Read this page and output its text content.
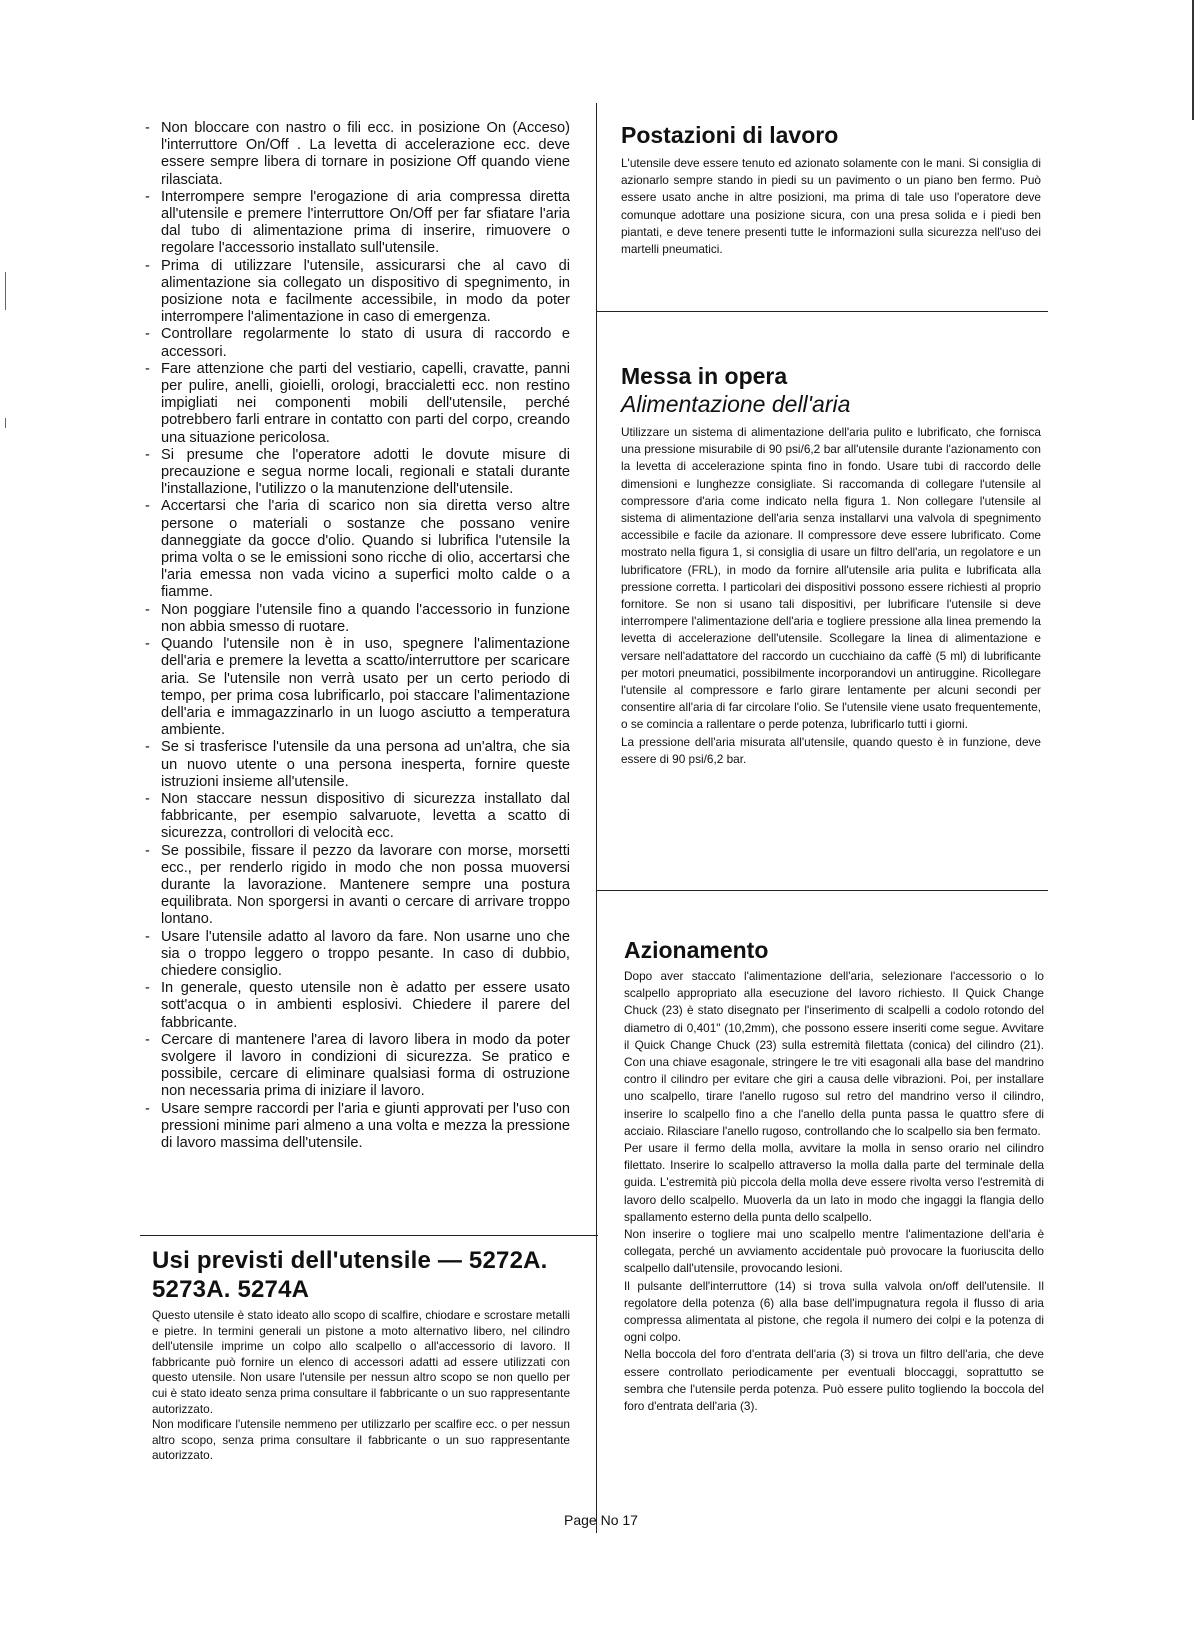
- Non bloccare con nastro o fili ecc. in posizione On (Acceso) l'interruttore On/Off . La levetta di accelerazione ecc. deve essere sempre libera di tornare in posizione Off quando viene rilasciata.
- Interrompere sempre l'erogazione di aria compressa diretta all'utensile e premere l'interruttore On/Off per far sfiatare l'aria dal tubo di alimentazione prima di inserire, rimuovere o regolare l'accessorio installato sull'utensile.
- Prima di utilizzare l'utensile, assicurarsi che al cavo di alimentazione sia collegato un dispositivo di spegnimento, in posizione nota e facilmente accessibile, in modo da poter interrompere l'alimentazione in caso di emergenza.
- Controllare regolarmente lo stato di usura di raccordo e accessori.
- Fare attenzione che parti del vestiario, capelli, cravatte, panni per pulire, anelli, gioielli, orologi, braccialetti ecc. non restino impigliati nei componenti mobili dell'utensile, perché potrebbero farli entrare in contatto con parti del corpo, creando una situazione pericolosa.
- Si presume che l'operatore adotti le dovute misure di precauzione e segua norme locali, regionali e statali durante l'installazione, l'utilizzo o la manutenzione dell'utensile.
- Accertarsi che l'aria di scarico non sia diretta verso altre persone o materiali o sostanze che possano venire danneggiate da gocce d'olio. Quando si lubrifica l'utensile la prima volta o se le emissioni sono ricche di olio, accertarsi che l'aria emessa non vada vicino a superfici molto calde o a fiamme.
- Non poggiare l'utensile fino a quando l'accessorio in funzione non abbia smesso di ruotare.
- Quando l'utensile non è in uso, spegnere l'alimentazione dell'aria e premere la levetta a scatto/interruttore per scaricare aria. Se l'utensile non verrà usato per un certo periodo di tempo, per prima cosa lubrificarlo, poi staccare l'alimentazione dell'aria e immagazzinarlo in un luogo asciutto a temperatura ambiente.
- Se si trasferisce l'utensile da una persona ad un'altra, che sia un nuovo utente o una persona inesperta, fornire queste istruzioni insieme all'utensile.
- Non staccare nessun dispositivo di sicurezza installato dal fabbricante, per esempio salvaruote, levetta a scatto di sicurezza, controllori di velocità ecc.
- Se possibile, fissare il pezzo da lavorare con morse, morsetti ecc., per renderlo rigido in modo che non possa muoversi durante la lavorazione. Mantenere sempre una postura equilibrata. Non sporgersi in avanti o cercare di arrivare troppo lontano.
- Usare l'utensile adatto al lavoro da fare. Non usarne uno che sia o troppo leggero o troppo pesante. In caso di dubbio, chiedere consiglio.
- In generale, questo utensile non è adatto per essere usato sott'acqua o in ambienti esplosivi. Chiedere il parere del fabbricante.
- Cercare di mantenere l'area di lavoro libera in modo da poter svolgere il lavoro in condizioni di sicurezza. Se pratico e possibile, cercare di eliminare qualsiasi forma di ostruzione non necessaria prima di iniziare il lavoro.
- Usare sempre raccordi per l'aria e giunti approvati per l'uso con pressioni minime pari almeno a una volta e mezza la pressione di lavoro massima dell'utensile.
Usi previsti dell'utensile — 5272A. 5273A. 5274A

Questo utensile è stato ideato allo scopo di scalfire, chiodare e scrostare metalli e pietre. In termini generali un pistone a moto alternativo libero, nel cilindro dell'utensile imprime un colpo allo scalpello o all'accessorio di lavoro. Il fabbricante può fornire un elenco di accessori adatti ad essere utilizzati con questo utensile. Non usare l'utensile per nessun altro scopo se non quello per cui è stato ideato senza prima consultare il fabbricante o un suo rappresentante autorizzato.

Non modificare l'utensile nemmeno per utilizzarlo per scalfire ecc. o per nessun altro scopo, senza prima consultare il fabbricante o un suo rappresentante autorizzato.

Postazioni di lavoro

L'utensile deve essere tenuto ed azionato solamente con le mani. Si consiglia di azionarlo sempre stando in piedi su un pavimento o un piano ben fermo. Può essere usato anche in altre posizioni, ma prima di tale uso l'operatore deve comunque adottare una posizione sicura, con una presa solida e i piedi ben piantati, e deve tenere presenti tutte le informazioni sulla sicurezza nell'uso dei martelli pneumatici.

Messa in opera
Alimentazione dell'aria

Utilizzare un sistema di alimentazione dell'aria pulito e lubrificato, che fornisca una pressione misurabile di 90 psi/6,2 bar all'utensile durante l'azionamento con la levetta di accelerazione spinta fino in fondo. Usare tubi di raccordo delle dimensioni e lunghezze consigliate. Si raccomanda di collegare l'utensile al compressore d'aria come indicato nella figura 1. Non collegare l'utensile al sistema di alimentazione dell'aria senza installarvi una valvola di spegnimento accessibile e facile da azionare. Il compressore deve essere lubrificato. Come mostrato nella figura 1, si consiglia di usare un filtro dell'aria, un regolatore e un lubrificatore (FRL), in modo da fornire all'utensile aria pulita e lubrificata alla pressione corretta. I particolari dei dispositivi possono essere richiesti al proprio fornitore. Se non si usano tali dispositivi, per lubrificare l'utensile si deve interrompere l'alimentazione dell'aria e togliere pressione alla linea premendo la levetta di accelerazione dell'utensile. Scollegare la linea di alimentazione e versare nell'adattatore del raccordo un cucchiaino da caffè (5 ml) di lubrificante per motori pneumatici, possibilmente incorporandovi un antiruggine. Ricollegare l'utensile al compressore e farlo girare lentamente per alcuni secondi per consentire all'aria di far circolare l'olio. Se l'utensile viene usato frequentemente, o se comincia a rallentare o perde potenza, lubrificarlo tutti i giorni.

La pressione dell'aria misurata all'utensile, quando questo è in funzione, deve essere di 90 psi/6,2 bar.

Azionamento

Dopo aver staccato l'alimentazione dell'aria, selezionare l'accessorio o lo scalpello appropriato alla esecuzione del lavoro richiesto. Il Quick Change Chuck (23) è stato disegnato per l'inserimento di scalpelli a codolo rotondo del diametro di 0,401" (10,2mm), che possono essere inseriti come segue. Avvitare il Quick Change Chuck (23) sulla estremità filettata (conica) del cilindro (21). Con una chiave esagonale, stringere le tre viti esagonali alla base del mandrino contro il cilindro per evitare che giri a causa delle vibrazioni. Poi, per installare uno scalpello, tirare l'anello rugoso sul retro del mandrino verso il cilindro, inserire lo scalpello fino a che l'anello della punta passa le quattro sfere di acciaio. Rilasciare l'anello rugoso, controllando che lo scalpello sia ben fermato.

Per usare il fermo della molla, avvitare la molla in senso orario nel cilindro filettato. Inserire lo scalpello attraverso la molla dalla parte del terminale della guida. L'estremità più piccola della molla deve essere rivolta verso l'estremità di lavoro dello scalpello. Muoverla da un lato in modo che ingaggi la flangia dello spallamento esterno della punta dello scalpello.

Non inserire o togliere mai uno scalpello mentre l'alimentazione dell'aria è collegata, perché un avviamento accidentale può provocare la fuoriuscita dello scalpello dall'utensile, provocando lesioni.

Il pulsante dell'interruttore (14) si trova sulla valvola on/off dell'utensile. Il regolatore della potenza (6) alla base dell'impugnatura regola il flusso di aria compressa alimentata al pistone, che regola il numero dei colpi e la potenza di ogni colpo.

Nella boccola del foro d'entrata dell'aria (3) si trova un filtro dell'aria, che deve essere controllato periodicamente per eventuali bloccaggi, soprattutto se sembra che l'utensile perda potenza. Può essere pulito togliendo la boccola del foro d'entrata dell'aria (3).

Page No 17
